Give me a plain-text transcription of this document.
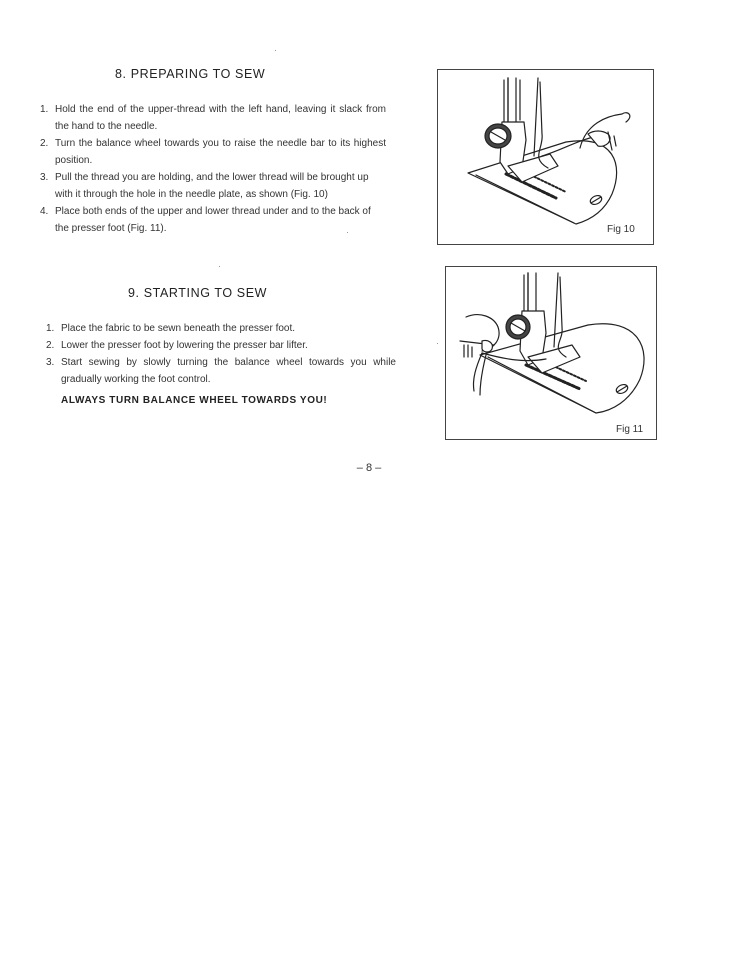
8. PREPARING TO SEW
1. Hold the end of the upper-thread with the left hand, leaving it slack from the hand to the needle.
2. Turn the balance wheel towards you to raise the needle bar to its highest position.
3. Pull the thread you are holding, and the lower thread will be brought up with it through the hole in the needle plate, as shown (Fig. 10)
4. Place both ends of the upper and lower thread under and to the back of the presser foot (Fig. 11).	Fig 10
9. STARTING TO SEW
1. Place the fabric to be sewn beneath the presser foot.
2. Lower the presser foot by lowering the presser bar lifter.
3. Start sewing by slowly turning the balance wheel towards you while gradually working the foot control.
ALWAYS TURN BALANCE WHEEL TOWARDS YOU!
Fig 11
– 8 –
